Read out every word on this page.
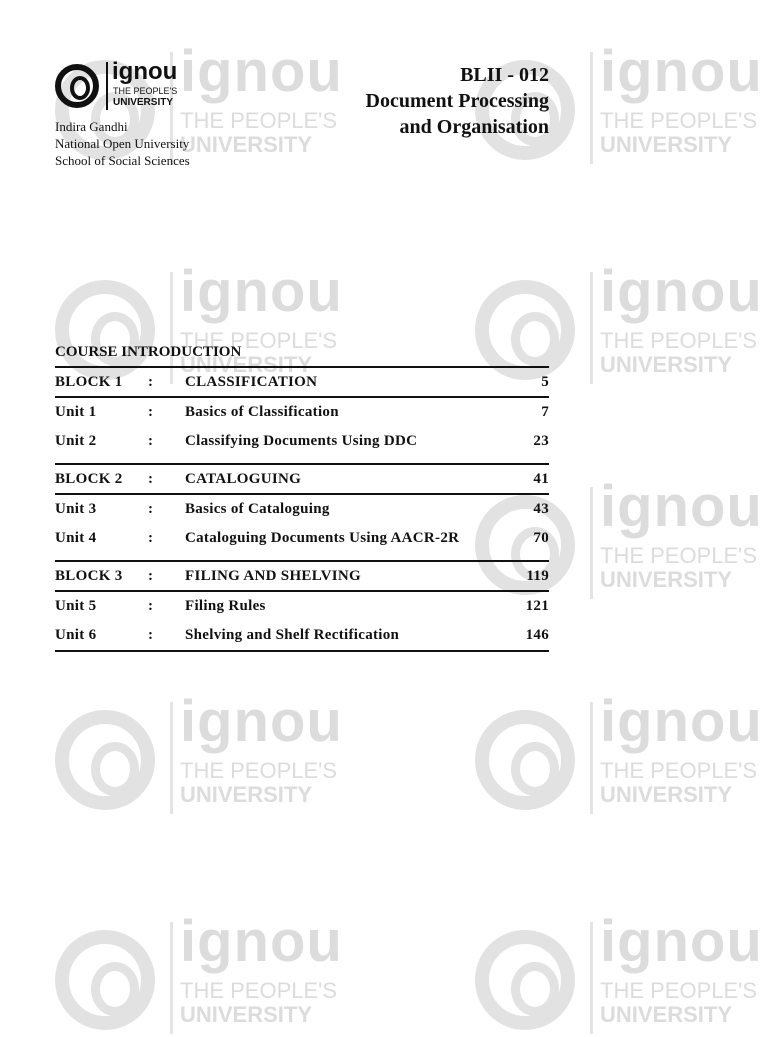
ignou
THE PEOPLE'S
UNIVERSITY
ignou
THE PEOPLE'S
UNIVERSITY
ignou
THE PEOPLE'S
UNIVERSITY
ignou
THE PEOPLE'S
UNIVERSITY
ignou
THE PEOPLE'S
UNIVERSITY
ignou
THE PEOPLE'S
UNIVERSITY
ignou
THE PEOPLE'S
UNIVERSITY
ignou
THE PEOPLE'S
UNIVERSITY
ignou
THE PEOPLE'S
UNIVERSITY
ignou
THE PEOPLE'S
UNIVERSITY
Indira Gandhi
National Open University
School of Social Sciences
BLII - 012
Document Processing
and Organisation
COURSE INTRODUCTION
BLOCK 1	:	CLASSIFICATION	5
Unit 1	:	Basics of Classification	7
Unit 2	:	Classifying Documents Using DDC	23
BLOCK 2	:	CATALOGUING	41
Unit 3	:	Basics of Cataloguing	43
Unit 4	:	Cataloguing Documents Using AACR-2R	70
BLOCK 3	:	FILING AND SHELVING	119
Unit 5	:	Filing Rules	121
Unit 6	:	Shelving and Shelf Rectification	146
